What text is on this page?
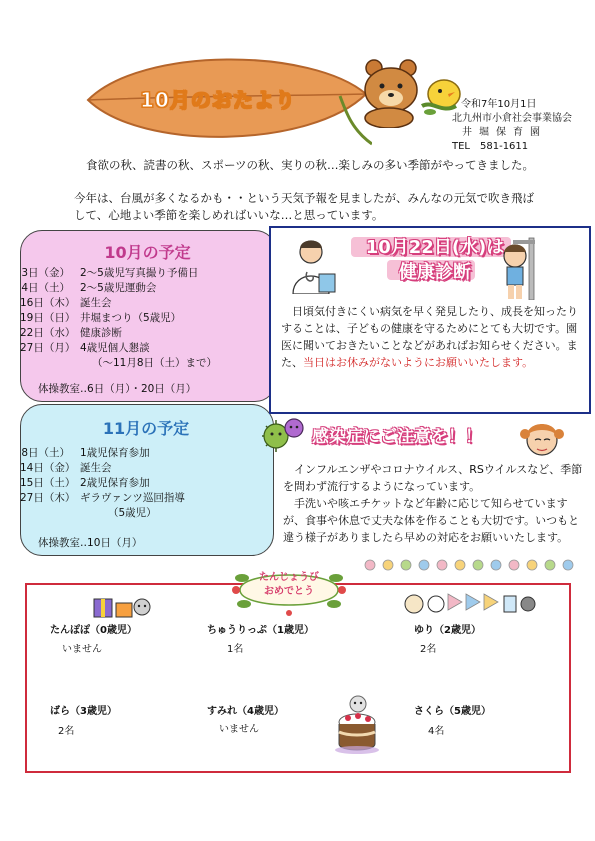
10月のおたより	令和7年10月1日
北九州市小倉社会事業協会
井堀保育園
TEL　581-1611
食欲の秋、読書の秋、スポーツの秋、実りの秋…楽しみの多い季節がやってきました。
今年は、台風が多くなるかも・・という天気予報を見ましたが、みんなの元気で吹き飛ばして、心地よい季節を楽しめればいいな…と思っています。
10月の予定
3日（金） 2～5歳児写真撮り予備日
4日（土） 2～5歳児運動会
16日（木） 誕生会
19日（日） 井堀まつり（5歳児）
22日（水） 健康診断
27日（月） 4歳児個人懇談
（～11月8日（土）まで）
体操教室‥6日（月）・20日（月）
11月の予定
8日（土） 1歳児保育参加
14日（金） 誕生会
15日（土） 2歳児保育参加
27日（木） ギラヴァンツ巡回指導
（5歳児）
体操教室‥10日（月）
10月22日(水)は
健康診断
日頃気付きにくい病気を早く発見したり、成長を知ったりすることは、子どもの健康を守るためにとても大切です。園医に聞いておきたいことなどがあればお知らせください。また、当日はお休みがないようにお願いいたします。
感染症にご注意を！！
インフルエンザやコロナウイルス、RSウイルスなど、季節を問わず流行するようになっています。
手洗いや咳エチケットなど年齢に応じて知らせていますが、食事や休息で丈夫な体を作ることも大切です。いつもと違う様子がありましたら早めの対応をお願いいたします。
たんじょうび
おめでとう
たんぽぽ（0歳児）
いません
ちゅうりっぷ（1歳児）
1名
ゆり（2歳児）
2名
ばら（3歳児）
2名
すみれ（4歳児）
いません
さくら（5歳児）
4名
